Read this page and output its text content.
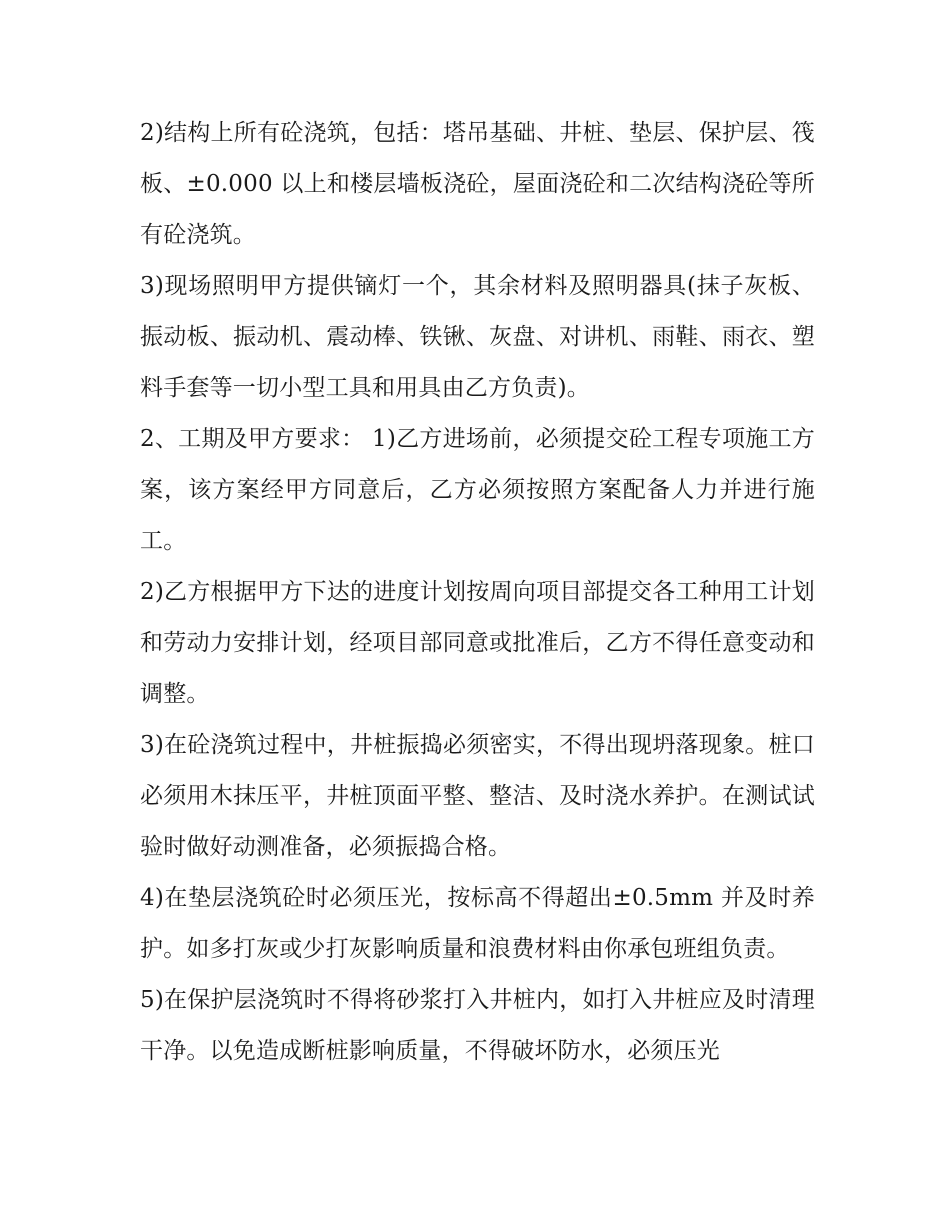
2)结构上所有砼浇筑，包括：塔吊基础、井桩、垫层、保护层、筏板、±0.000 以上和楼层墙板浇砼，屋面浇砼和二次结构浇砼等所有砼浇筑。

3)现场照明甲方提供镝灯一个，其余材料及照明器具(抹子灰板、振动板、振动机、震动棒、铁锹、灰盘、对讲机、雨鞋、雨衣、塑料手套等一切小型工具和用具由乙方负责)。

2、工期及甲方要求： 1)乙方进场前，必须提交砼工程专项施工方案，该方案经甲方同意后，乙方必须按照方案配备人力并进行施工。

2)乙方根据甲方下达的进度计划按周向项目部提交各工种用工计划和劳动力安排计划，经项目部同意或批准后，乙方不得任意变动和调整。

3)在砼浇筑过程中，井桩振捣必须密实，不得出现坍落现象。桩口必须用木抹压平，井桩顶面平整、整洁、及时浇水养护。在测试试验时做好动测准备，必须振捣合格。

4)在垫层浇筑砼时必须压光，按标高不得超出±0.5mm 并及时养护。如多打灰或少打灰影响质量和浪费材料由你承包班组负责。

5)在保护层浇筑时不得将砂浆打入井桩内，如打入井桩应及时清理干净。以免造成断桩影响质量，不得破坏防水，必须压光
